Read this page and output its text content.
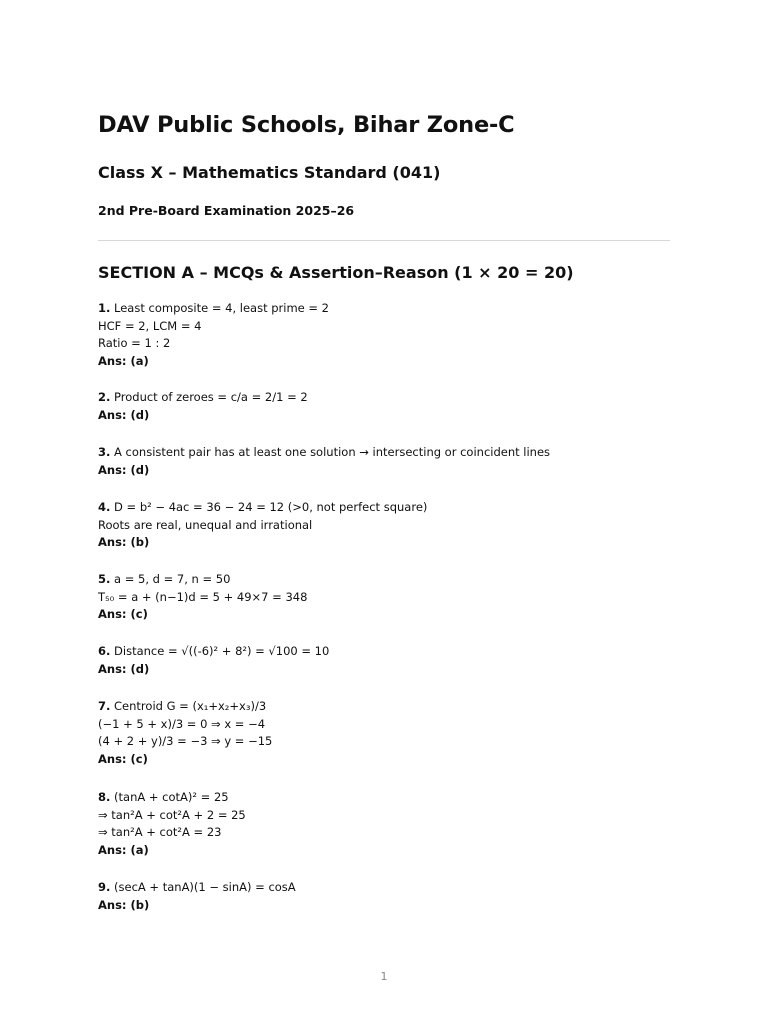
DAV Public Schools, Bihar Zone-C
Class X – Mathematics Standard (041)
2nd Pre-Board Examination 2025–26
SECTION A – MCQs & Assertion–Reason (1 × 20 = 20)
1. Least composite = 4, least prime = 2
HCF = 2, LCM = 4
Ratio = 1 : 2
Ans: (a)
2. Product of zeroes = c/a = 2/1 = 2
Ans: (d)
3. A consistent pair has at least one solution → intersecting or coincident lines
Ans: (d)
4. D = b² − 4ac = 36 − 24 = 12 (>0, not perfect square)
Roots are real, unequal and irrational
Ans: (b)
5. a = 5, d = 7, n = 50
T₅₀ = a + (n−1)d = 5 + 49×7 = 348
Ans: (c)
6. Distance = √((-6)² + 8²) = √100 = 10
Ans: (d)
7. Centroid G = (x₁+x₂+x₃)/3
(−1 + 5 + x)/3 = 0 ⇒ x = −4
(4 + 2 + y)/3 = −3 ⇒ y = −15
Ans: (c)
8. (tanA + cotA)² = 25
⇒ tan²A + cot²A + 2 = 25
⇒ tan²A + cot²A = 23
Ans: (a)
9. (secA + tanA)(1 − sinA) = cosA
Ans: (b)
1
